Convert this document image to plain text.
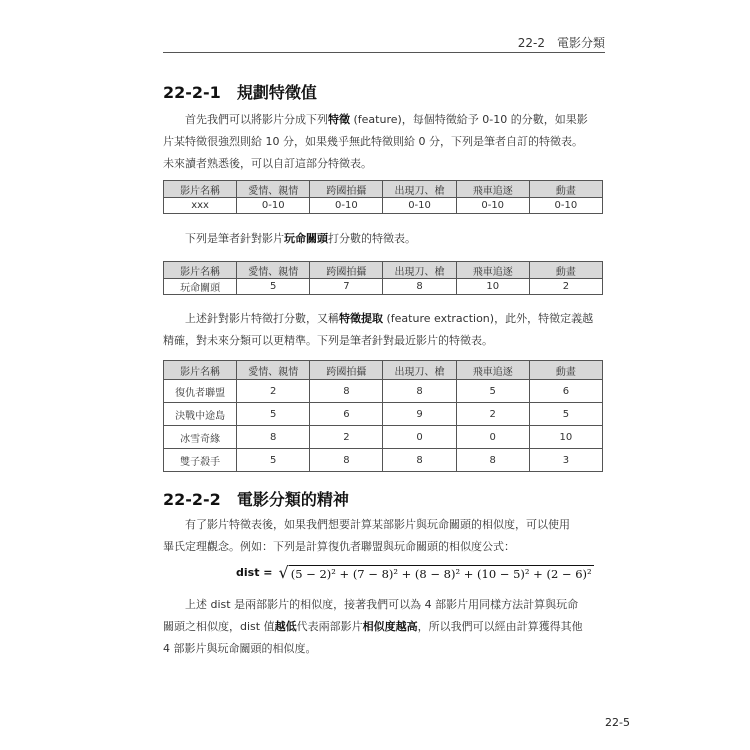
22-2　電影分類
22-2-1 規劃特徵值
首先我們可以將影片分成下列特徵 (feature)，每個特徵給予 0-10 的分數，如果影
片某特徵很強烈則給 10 分，如果幾乎無此特徵則給 0 分，下列是筆者自訂的特徵表。
未來讀者熟悉後，可以自訂這部分特徵表。
影片名稱	愛情、親情	跨國拍攝	出現刀、槍	飛車追逐	動畫
xxx	0-10	0-10	0-10	0-10	0-10
下列是筆者針對影片玩命關頭打分數的特徵表。
影片名稱	愛情、親情	跨國拍攝	出現刀、槍	飛車追逐	動畫
玩命關頭	5	7	8	10	2
上述針對影片特徵打分數，又稱特徵提取 (feature extraction)，此外，特徵定義越
精確，對未來分類可以更精準。下列是筆者針對最近影片的特徵表。
影片名稱	愛情、親情	跨國拍攝	出現刀、槍	飛車追逐	動畫
復仇者聯盟	2	8	8	5	6
決戰中途島	5	6	9	2	5
冰雪奇緣	8	2	0	0	10
雙子殺手	5	8	8	8	3
22-2-2 電影分類的精神
有了影片特徵表後，如果我們想要計算某部影片與玩命關頭的相似度，可以使用
畢氏定理觀念。例如：下列是計算復仇者聯盟與玩命關頭的相似度公式：
dist = √ (5 − 2)² + (7 − 8)² + (8 − 8)² + (10 − 5)² + (2 − 6)²
上述 dist 是兩部影片的相似度，接著我們可以為 4 部影片用同樣方法計算與玩命
關頭之相似度，dist 值越低代表兩部影片相似度越高，所以我們可以經由計算獲得其他
4 部影片與玩命關頭的相似度。
22-5
